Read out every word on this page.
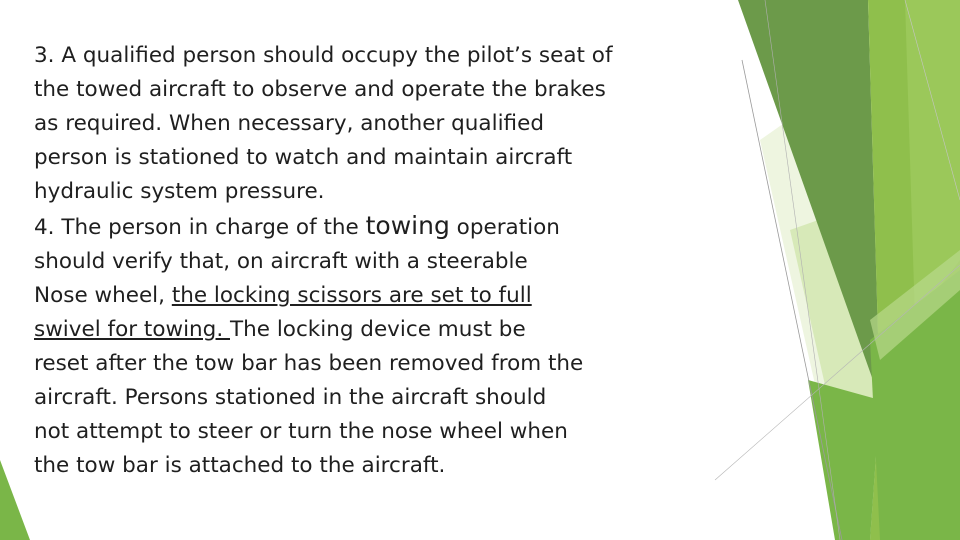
3. A qualified person should occupy the pilot’s seat of
the towed aircraft to observe and operate the brakes
as required. When necessary, another qualified
person is stationed to watch and maintain aircraft
hydraulic system pressure.
4. The person in charge of the towing operation
should verify that, on aircraft with a steerable
Nose wheel, the locking scissors are set to full
swivel for towing. The locking device must be
reset after the tow bar has been removed from the
aircraft. Persons stationed in the aircraft should
not attempt to steer or turn the nose wheel when
the tow bar is attached to the aircraft.
